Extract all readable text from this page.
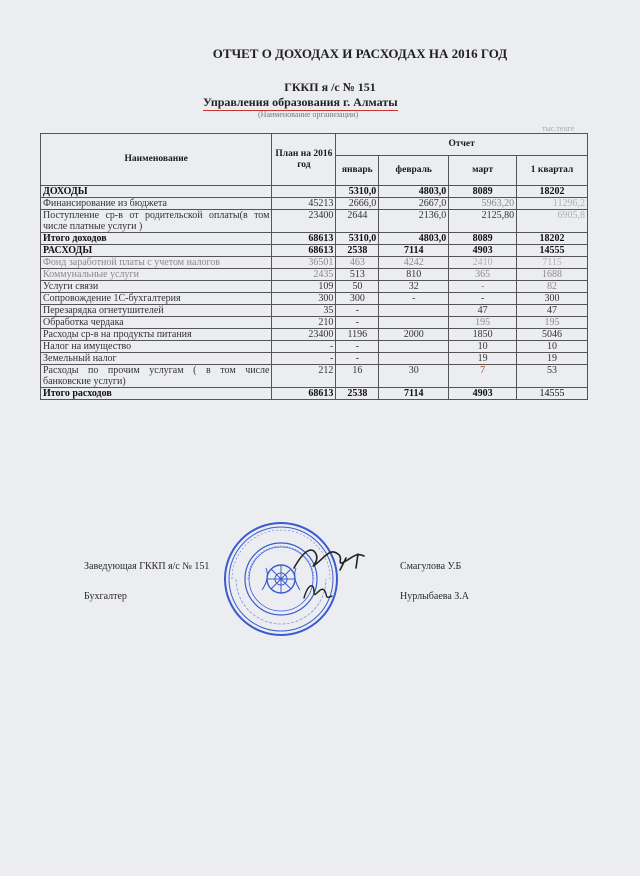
ОТЧЕТ О ДОХОДАХ И РАСХОДАХ НА 2016 ГОД
ГККП я /с № 151
Управления образования г. Алматы
(Наименование организации)
тыс.тенге
Наименование	План на 2016 год	Отчет			
		январь	февраль	март	1 квартал
ДОХОДЫ		5310,0	4803,0	8089	18202
Финансирование из бюджета	45213	2666,0	2667,0	5963,20	11296,2
Поступление ср-в от родительской оплаты(в том числе платные услуги )	23400	2644	2136,0	2125,80	6905,8
Итого доходов	68613	5310,0	4803,0	8089	18202
РАСХОДЫ	68613	2538	7114	4903	14555
Фонд заработной платы с учетом налогов	36501	463	4242	2410	7115
Коммунальные услуги	2435	513	810	365	1688
Услуги связи	109	50	32	-	82
Сопровождение 1С-бухгалтерия	300	300	-	-	300
Перезарядка огнетушителей	35	-		47	47
Обработка чердака	210	-		195	195
Расходы ср-в на продукты питания	23400	1196	2000	1850	5046
Налог на имущество	-	-		10	10
Земельный налог	-	-		19	19
Расходы по прочим услугам ( в том числе банковские услуги)	212	16	30	7	53
Итого расходов	68613	2538	7114	4903	14555
Заведующая ГККП я/с № 151	Смагулова У.Б
Бухгалтер	Нурлыбаева З.А
